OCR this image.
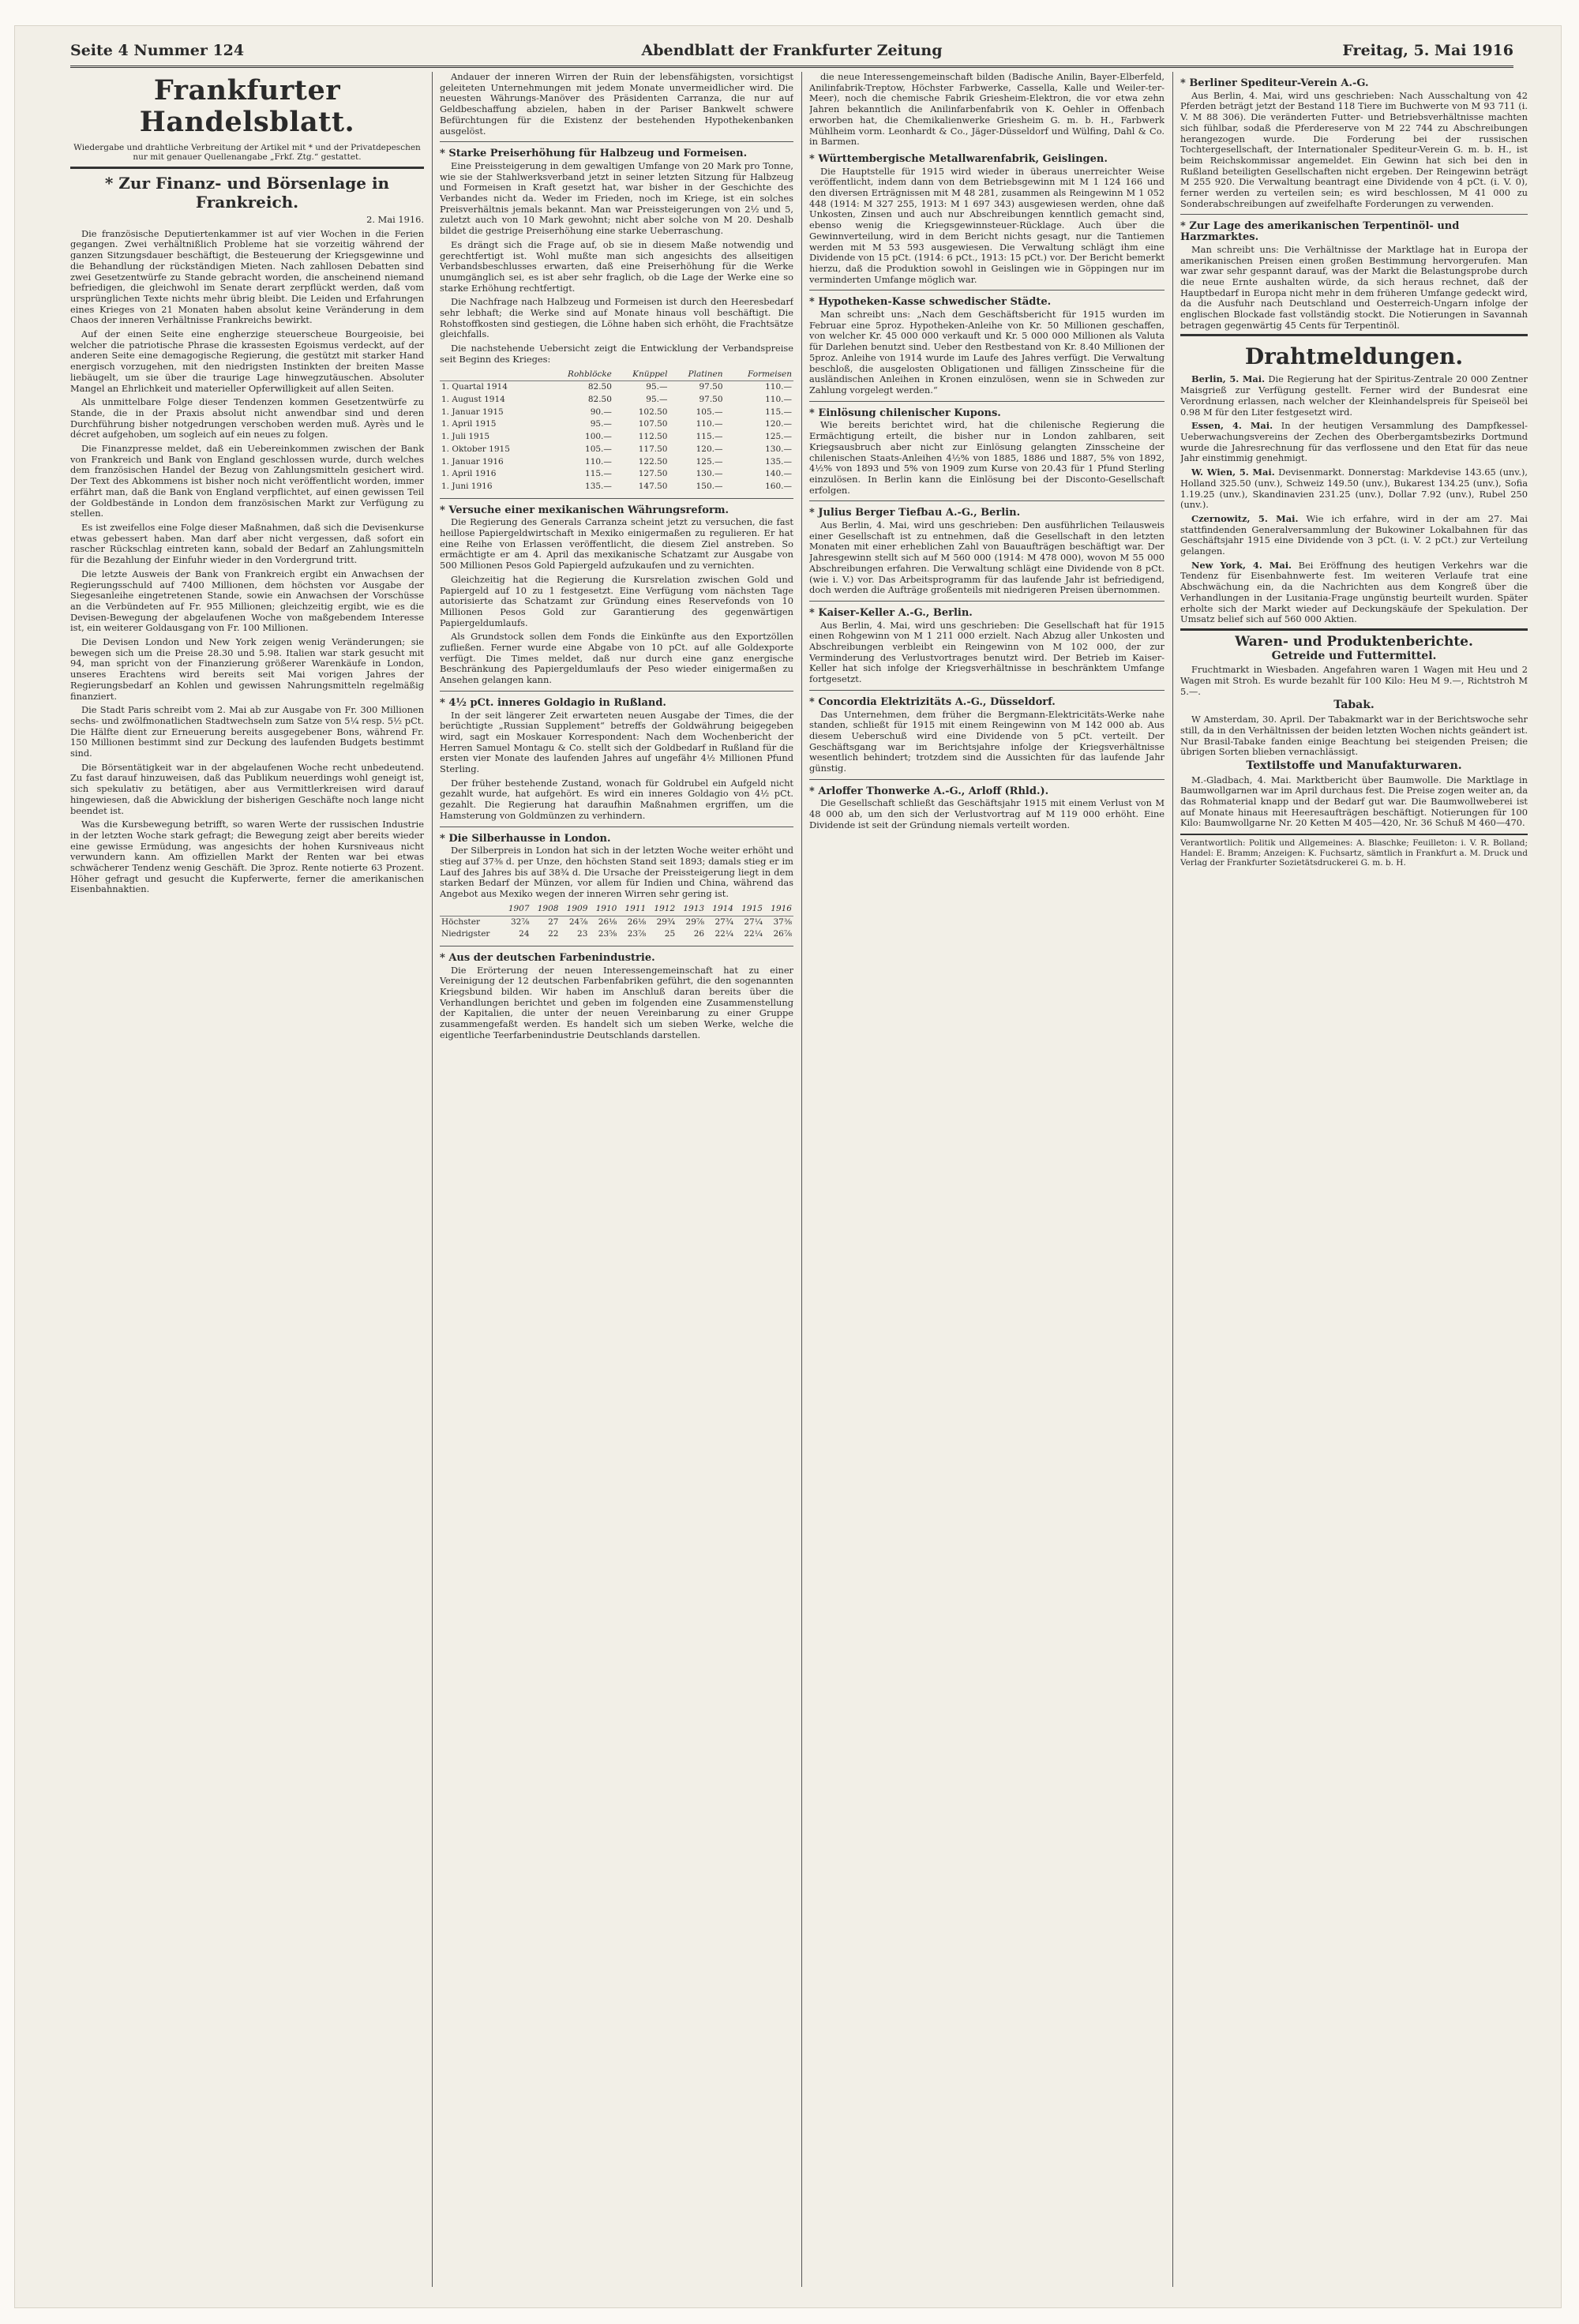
Seite 4 Nummer 124	Abendblatt der Frankfurter Zeitung	Freitag, 5. Mai 1916
Frankfurter Handelsblatt.
Wiedergabe und drahtliche Verbreitung der Artikel mit * und der Privatdepeschen nur mit genauer Quellenangabe „Frkf. Ztg.“ gestattet.
* Zur Finanz- und Börsenlage in Frankreich.
2. Mai 1916.

Die französische Deputiertenkammer ist auf vier Wochen in die Ferien gegangen. Zwei verhältnißlich Probleme hat sie vorzeitig während der ganzen Sitzungsdauer beschäftigt, die Besteuerung der Kriegsgewinne und die Behandlung der rückständigen Mieten. Nach zahllosen Debatten sind zwei Gesetzentwürfe zu Stande gebracht worden, die anscheinend niemand befriedigen, die gleichwohl im Senate derart zerpflückt werden, daß vom ursprünglichen Texte nichts mehr übrig bleibt. Die Leiden und Erfahrungen eines Krieges von 21 Monaten haben absolut keine Veränderung in dem Chaos der inneren Verhältnisse Frankreichs bewirkt.

Auf der einen Seite eine engherzige steuerscheue Bourgeoisie, bei welcher die patriotische Phrase die krassesten Egoismus verdeckt, auf der anderen Seite eine demagogische Regierung, die gestützt mit starker Hand energisch vorzugehen, mit den niedrigsten Instinkten der breiten Masse liebäugelt, um sie über die traurige Lage hinwegzutäuschen. Absoluter Mangel an Ehrlichkeit und materieller Opferwilligkeit auf allen Seiten.

Als unmittelbare Folge dieser Tendenzen kommen Gesetzentwürfe zu Stande, die in der Praxis absolut nicht anwendbar sind und deren Durchführung bisher notgedrungen verschoben werden muß. Ayrès und le décret aufgehoben, um sogleich auf ein neues zu folgen.

Die Finanzpresse meldet, daß ein Uebereinkommen zwischen der Bank von Frankreich und Bank von England geschlossen wurde, durch welches dem französischen Handel der Bezug von Zahlungsmitteln gesichert wird. Der Text des Abkommens ist bisher noch nicht veröffentlicht worden, immer erfährt man, daß die Bank von England verpflichtet, auf einen gewissen Teil der Goldbestände in London dem französischen Markt zur Verfügung zu stellen.

Es ist zweifellos eine Folge dieser Maßnahmen, daß sich die Devisenkurse etwas gebessert haben. Man darf aber nicht vergessen, daß sofort ein rascher Rückschlag eintreten kann, sobald der Bedarf an Zahlungsmitteln für die Bezahlung der Einfuhr wieder in den Vordergrund tritt.

Die letzte Ausweis der Bank von Frankreich ergibt ein Anwachsen der Regierungsschuld auf 7400 Millionen, dem höchsten vor Ausgabe der Siegesanleihe eingetretenen Stande, sowie ein Anwachsen der Vorschüsse an die Verbündeten auf Fr. 955 Millionen; gleichzeitig ergibt, wie es die Devisen-Bewegung der abgelaufenen Woche von maßgebendem Interesse ist, ein weiterer Goldausgang von Fr. 100 Millionen.

Die Devisen London und New York zeigen wenig Veränderungen; sie bewegen sich um die Preise 28.30 und 5.98. Italien war stark gesucht mit 94, man spricht von der Finanzierung größerer Warenkäufe in London, unseres Erachtens wird bereits seit Mai vorigen Jahres der Regierungsbedarf an Kohlen und gewissen Nahrungsmitteln regelmäßig finanziert.

Die Stadt Paris schreibt vom 2. Mai ab zur Ausgabe von Fr. 300 Millionen sechs- und zwölfmonatlichen Stadtwechseln zum Satze von 5¼ resp. 5½ pCt. Die Hälfte dient zur Erneuerung bereits ausgegebener Bons, während Fr. 150 Millionen bestimmt sind zur Deckung des laufenden Budgets bestimmt sind.

Die Börsentätigkeit war in der abgelaufenen Woche recht unbedeutend. Zu fast darauf hinzuweisen, daß das Publikum neuerdings wohl geneigt ist, sich spekulativ zu betätigen, aber aus Vermittlerkreisen wird darauf hingewiesen, daß die Abwicklung der bisherigen Geschäfte noch lange nicht beendet ist.

Was die Kursbewegung betrifft, so waren Werte der russischen Industrie in der letzten Woche stark gefragt; die Bewegung zeigt aber bereits wieder eine gewisse Ermüdung, was angesichts der hohen Kursniveaus nicht verwundern kann. Am offiziellen Markt der Renten war bei etwas schwächerer Tendenz wenig Geschäft. Die 3proz. Rente notierte 63 Prozent. Höher gefragt und gesucht die Kupferwerte, ferner die amerikanischen Eisenbahnaktien.

Andauer der inneren Wirren der Ruin der lebensfähigsten, vorsichtigst geleiteten Unternehmungen mit jedem Monate unvermeidlicher wird. Die neuesten Währungs-Manöver des Präsidenten Carranza, die nur auf Geldbeschaffung abzielen, haben in der Pariser Bankwelt schwere Befürchtungen für die Existenz der bestehenden Hypothekenbanken ausgelöst.

* Starke Preiserhöhung für Halbzeug und Formeisen.

Eine Preissteigerung in dem gewaltigen Umfange von 20 Mark pro Tonne, wie sie der Stahlwerksverband jetzt in seiner letzten Sitzung für Halbzeug und Formeisen in Kraft gesetzt hat, war bisher in der Geschichte des Verbandes nicht da. Weder im Frieden, noch im Kriege, ist ein solches Preisverhältnis jemals bekannt. Man war Preissteigerungen von 2½ und 5, zuletzt auch von 10 Mark gewohnt; nicht aber solche von M 20. Deshalb bildet die gestrige Preiserhöhung eine starke Ueberraschung.

Es drängt sich die Frage auf, ob sie in diesem Maße notwendig und gerechtfertigt ist. Wohl mußte man sich angesichts des allseitigen Verbandsbeschlusses erwarten, daß eine Preiserhöhung für die Werke unumgänglich sei, es ist aber sehr fraglich, ob die Lage der Werke eine so starke Erhöhung rechtfertigt.

Die Nachfrage nach Halbzeug und Formeisen ist durch den Heeresbedarf sehr lebhaft; die Werke sind auf Monate hinaus voll beschäftigt. Die Rohstoffkosten sind gestiegen, die Löhne haben sich erhöht, die Frachtsätze gleichfalls.

Die nachstehende Uebersicht zeigt die Entwicklung der Verbandspreise seit Beginn des Krieges:

	Rohblöcke	Knüppel	Platinen	Formeisen
1. Quartal 1914	82.50	95.—	97.50	110.—
1. August 1914	82.50	95.—	97.50	110.—
1. Januar 1915	90.—	102.50	105.—	115.—
1. April 1915	95.—	107.50	110.—	120.—
1. Juli 1915	100.—	112.50	115.—	125.—
1. Oktober 1915	105.—	117.50	120.—	130.—
1. Januar 1916	110.—	122.50	125.—	135.—
1. April 1916	115.—	127.50	130.—	140.—
1. Juni 1916	135.—	147.50	150.—	160.—
* Versuche einer mexikanischen Währungsreform.

Die Regierung des Generals Carranza scheint jetzt zu versuchen, die fast heillose Papiergeldwirtschaft in Mexiko einigermaßen zu regulieren. Er hat eine Reihe von Erlassen veröffentlicht, die diesem Ziel anstreben. So ermächtigte er am 4. April das mexikanische Schatzamt zur Ausgabe von 500 Millionen Pesos Gold Papiergeld aufzukaufen und zu vernichten.

Gleichzeitig hat die Regierung die Kursrelation zwischen Gold und Papiergeld auf 10 zu 1 festgesetzt. Eine Verfügung vom nächsten Tage autorisierte das Schatzamt zur Gründung eines Reservefonds von 10 Millionen Pesos Gold zur Garantierung des gegenwärtigen Papiergeldumlaufs.

Als Grundstock sollen dem Fonds die Einkünfte aus den Exportzöllen zufließen. Ferner wurde eine Abgabe von 10 pCt. auf alle Goldexporte verfügt. Die Times meldet, daß nur durch eine ganz energische Beschränkung des Papiergeldumlaufs der Peso wieder einigermaßen zu Ansehen gelangen kann.

* 4½ pCt. inneres Goldagio in Rußland.

In der seit längerer Zeit erwarteten neuen Ausgabe der Times, die der berüchtigte „Russian Supplement“ betreffs der Goldwährung beigegeben wird, sagt ein Moskauer Korrespondent: Nach dem Wochenbericht der Herren Samuel Montagu & Co. stellt sich der Goldbedarf in Rußland für die ersten vier Monate des laufenden Jahres auf ungefähr 4½ Millionen Pfund Sterling.

Der früher bestehende Zustand, wonach für Goldrubel ein Aufgeld nicht gezahlt wurde, hat aufgehört. Es wird ein inneres Goldagio von 4½ pCt. gezahlt. Die Regierung hat daraufhin Maßnahmen ergriffen, um die Hamsterung von Goldmünzen zu verhindern.

* Die Silberhausse in London.

Der Silberpreis in London hat sich in der letzten Woche weiter erhöht und stieg auf 37⅜ d. per Unze, den höchsten Stand seit 1893; damals stieg er im Lauf des Jahres bis auf 38¾ d. Die Ursache der Preissteigerung liegt in dem starken Bedarf der Münzen, vor allem für Indien und China, während das Angebot aus Mexiko wegen der inneren Wirren sehr gering ist.

	1907	1908	1909	1910	1911	1912	1913	1914	1915	1916
Höchster	32⅞	27	24⅞	26⅛	26⅛	29¾	29⅞	27¾	27¼	37⅜
Niedrigster	24	22	23	23⅝	23⅞	25	26	22¼	22¼	26⅞
* Aus der deutschen Farbenindustrie.

Die Erörterung der neuen Interessengemeinschaft hat zu einer Vereinigung der 12 deutschen Farbenfabriken geführt, die den sogenannten Kriegsbund bilden. Wir haben im Anschluß daran bereits über die Verhandlungen berichtet und geben im folgenden eine Zusammenstellung der Kapitalien, die unter der neuen Vereinbarung zu einer Gruppe zusammengefaßt werden. Es handelt sich um sieben Werke, welche die eigentliche Teerfarbenindustrie Deutschlands darstellen.

die neue Interessengemeinschaft bilden (Badische Anilin, Bayer-Elberfeld, Anilinfabrik-Treptow, Höchster Farbwerke, Cassella, Kalle und Weiler-ter-Meer), noch die chemische Fabrik Griesheim-Elektron, die vor etwa zehn Jahren bekanntlich die Anilinfarbenfabrik von K. Oehler in Offenbach erworben hat, die Chemikalienwerke Griesheim G. m. b. H., Farbwerk Mühlheim vorm. Leonhardt & Co., Jäger-Düsseldorf und Wülfing, Dahl & Co. in Barmen.

* Württembergische Metallwarenfabrik, Geislingen.

Die Hauptstelle für 1915 wird wieder in überaus unerreichter Weise veröffentlicht, indem dann von dem Betriebsgewinn mit M 1 124 166 und den diversen Erträgnissen mit M 48 281, zusammen als Reingewinn M 1 052 448 (1914: M 327 255, 1913: M 1 697 343) ausgewiesen werden, ohne daß Unkosten, Zinsen und auch nur Abschreibungen kenntlich gemacht sind, ebenso wenig die Kriegsgewinnsteuer-Rücklage. Auch über die Gewinnverteilung, wird in dem Bericht nichts gesagt, nur die Tantiemen werden mit M 53 593 ausgewiesen. Die Verwaltung schlägt ihm eine Dividende von 15 pCt. (1914: 6 pCt., 1913: 15 pCt.) vor. Der Bericht bemerkt hierzu, daß die Produktion sowohl in Geislingen wie in Göppingen nur im verminderten Umfange möglich war.

* Hypotheken-Kasse schwedischer Städte.

Man schreibt uns: „Nach dem Geschäftsbericht für 1915 wurden im Februar eine 5proz. Hypotheken-Anleihe von Kr. 50 Millionen geschaffen, von welcher Kr. 45 000 000 verkauft und Kr. 5 000 000 Millionen als Valuta für Darlehen benutzt sind. Ueber den Restbestand von Kr. 8.40 Millionen der 5proz. Anleihe von 1914 wurde im Laufe des Jahres verfügt. Die Verwaltung beschloß, die ausgelosten Obligationen und fälligen Zinsscheine für die ausländischen Anleihen in Kronen einzulösen, wenn sie in Schweden zur Zahlung vorgelegt werden.“

* Einlösung chilenischer Kupons.

Wie bereits berichtet wird, hat die chilenische Regierung die Ermächtigung erteilt, die bisher nur in London zahlbaren, seit Kriegsausbruch aber nicht zur Einlösung gelangten Zinsscheine der chilenischen Staats-Anleihen 4½% von 1885, 1886 und 1887, 5% von 1892, 4½% von 1893 und 5% von 1909 zum Kurse von 20.43 für 1 Pfund Sterling einzulösen. In Berlin kann die Einlösung bei der Disconto-Gesellschaft erfolgen.

* Julius Berger Tiefbau A.-G., Berlin.

Aus Berlin, 4. Mai, wird uns geschrieben: Den ausführlichen Teilausweis einer Gesellschaft ist zu entnehmen, daß die Gesellschaft in den letzten Monaten mit einer erheblichen Zahl von Bauaufträgen beschäftigt war. Der Jahresgewinn stellt sich auf M 560 000 (1914: M 478 000), wovon M 55 000 Abschreibungen erfahren. Die Verwaltung schlägt eine Dividende von 8 pCt. (wie i. V.) vor. Das Arbeitsprogramm für das laufende Jahr ist befriedigend, doch werden die Aufträge großenteils mit niedrigeren Preisen übernommen.

* Kaiser-Keller A.-G., Berlin.

Aus Berlin, 4. Mai, wird uns geschrieben: Die Gesellschaft hat für 1915 einen Rohgewinn von M 1 211 000 erzielt. Nach Abzug aller Unkosten und Abschreibungen verbleibt ein Reingewinn von M 102 000, der zur Verminderung des Verlustvortrages benutzt wird. Der Betrieb im Kaiser-Keller hat sich infolge der Kriegsverhältnisse in beschränktem Umfange fortgesetzt.

* Concordia Elektrizitäts A.-G., Düsseldorf.

Das Unternehmen, dem früher die Bergmann-Elektricitäts-Werke nahe standen, schließt für 1915 mit einem Reingewinn von M 142 000 ab. Aus diesem Ueberschuß wird eine Dividende von 5 pCt. verteilt. Der Geschäftsgang war im Berichtsjahre infolge der Kriegsverhältnisse wesentlich behindert; trotzdem sind die Aussichten für das laufende Jahr günstig.

* Arloffer Thonwerke A.-G., Arloff (Rhld.).

Die Gesellschaft schließt das Geschäftsjahr 1915 mit einem Verlust von M 48 000 ab, um den sich der Verlustvortrag auf M 119 000 erhöht. Eine Dividende ist seit der Gründung niemals verteilt worden.

* Berliner Spediteur-Verein A.-G.

Aus Berlin, 4. Mai, wird uns geschrieben: Nach Ausschaltung von 42 Pferden beträgt jetzt der Bestand 118 Tiere im Buchwerte von M 93 711 (i. V. M 88 306). Die veränderten Futter- und Betriebsverhältnisse machten sich fühlbar, sodaß die Pferdereserve von M 22 744 zu Abschreibungen herangezogen wurde. Die Forderung bei der russischen Tochtergesellschaft, der Internationaler Spediteur-Verein G. m. b. H., ist beim Reichskommissar angemeldet. Ein Gewinn hat sich bei den in Rußland beteiligten Gesellschaften nicht ergeben. Der Reingewinn beträgt M 255 920. Die Verwaltung beantragt eine Dividende von 4 pCt. (i. V. 0), ferner werden zu verteilen sein; es wird beschlossen, M 41 000 zu Sonderabschreibungen auf zweifelhafte Forderungen zu verwenden.

* Zur Lage des amerikanischen Terpentinöl- und Harzmarktes.

Man schreibt uns: Die Verhältnisse der Marktlage hat in Europa der amerikanischen Preisen einen großen Bestimmung hervorgerufen. Man war zwar sehr gespannt darauf, was der Markt die Belastungsprobe durch die neue Ernte aushalten würde, da sich heraus rechnet, daß der Hauptbedarf in Europa nicht mehr in dem früheren Umfange gedeckt wird, da die Ausfuhr nach Deutschland und Oesterreich-Ungarn infolge der englischen Blockade fast vollständig stockt. Die Notierungen in Savannah betragen gegenwärtig 45 Cents für Terpentinöl.

Drahtmeldungen.

Berlin, 5. Mai. Die Regierung hat der Spiritus-Zentrale 20 000 Zentner Maisgrieß zur Verfügung gestellt. Ferner wird der Bundesrat eine Verordnung erlassen, nach welcher der Kleinhandelspreis für Speiseöl bei 0.98 M für den Liter festgesetzt wird.

Essen, 4. Mai. In der heutigen Versammlung des Dampfkessel-Ueberwachungsvereins der Zechen des Oberbergamtsbezirks Dortmund wurde die Jahresrechnung für das verflossene und den Etat für das neue Jahr einstimmig genehmigt.

W. Wien, 5. Mai. Devisenmarkt. Donnerstag: Markdevise 143.65 (unv.), Holland 325.50 (unv.), Schweiz 149.50 (unv.), Bukarest 134.25 (unv.), Sofia 1.19.25 (unv.), Skandinavien 231.25 (unv.), Dollar 7.92 (unv.), Rubel 250 (unv.).

Czernowitz, 5. Mai. Wie ich erfahre, wird in der am 27. Mai stattfindenden Generalversammlung der Bukowiner Lokalbahnen für das Geschäftsjahr 1915 eine Dividende von 3 pCt. (i. V. 2 pCt.) zur Verteilung gelangen.

New York, 4. Mai. Bei Eröffnung des heutigen Verkehrs war die Tendenz für Eisenbahnwerte fest. Im weiteren Verlaufe trat eine Abschwächung ein, da die Nachrichten aus dem Kongreß über die Verhandlungen in der Lusitania-Frage ungünstig beurteilt wurden. Später erholte sich der Markt wieder auf Deckungskäufe der Spekulation. Der Umsatz belief sich auf 560 000 Aktien.

Waren- und Produktenberichte.
Getreide und Futtermittel.

Fruchtmarkt in Wiesbaden. Angefahren waren 1 Wagen mit Heu und 2 Wagen mit Stroh. Es wurde bezahlt für 100 Kilo: Heu M 9.—, Richtstroh M 5.—.

Tabak.

W Amsterdam, 30. April. Der Tabakmarkt war in der Berichtswoche sehr still, da in den Verhältnissen der beiden letzten Wochen nichts geändert ist. Nur Brasil-Tabake fanden einige Beachtung bei steigenden Preisen; die übrigen Sorten blieben vernachlässigt.

Textilstoffe und Manufakturwaren.

M.-Gladbach, 4. Mai. Marktbericht über Baumwolle. Die Marktlage in Baumwollgarnen war im April durchaus fest. Die Preise zogen weiter an, da das Rohmaterial knapp und der Bedarf gut war. Die Baumwollweberei ist auf Monate hinaus mit Heeresaufträgen beschäftigt. Notierungen für 100 Kilo: Baumwollgarne Nr. 20 Ketten M 405—420, Nr. 36 Schuß M 460—470.

Verantwortlich: Politik und Allgemeines: A. Blaschke; Feuilleton: i. V. R. Bolland; Handel: E. Bramm; Anzeigen: K. Fuchsartz, sämtlich in Frankfurt a. M. Druck und Verlag der Frankfurter Sozietätsdruckerei G. m. b. H.
